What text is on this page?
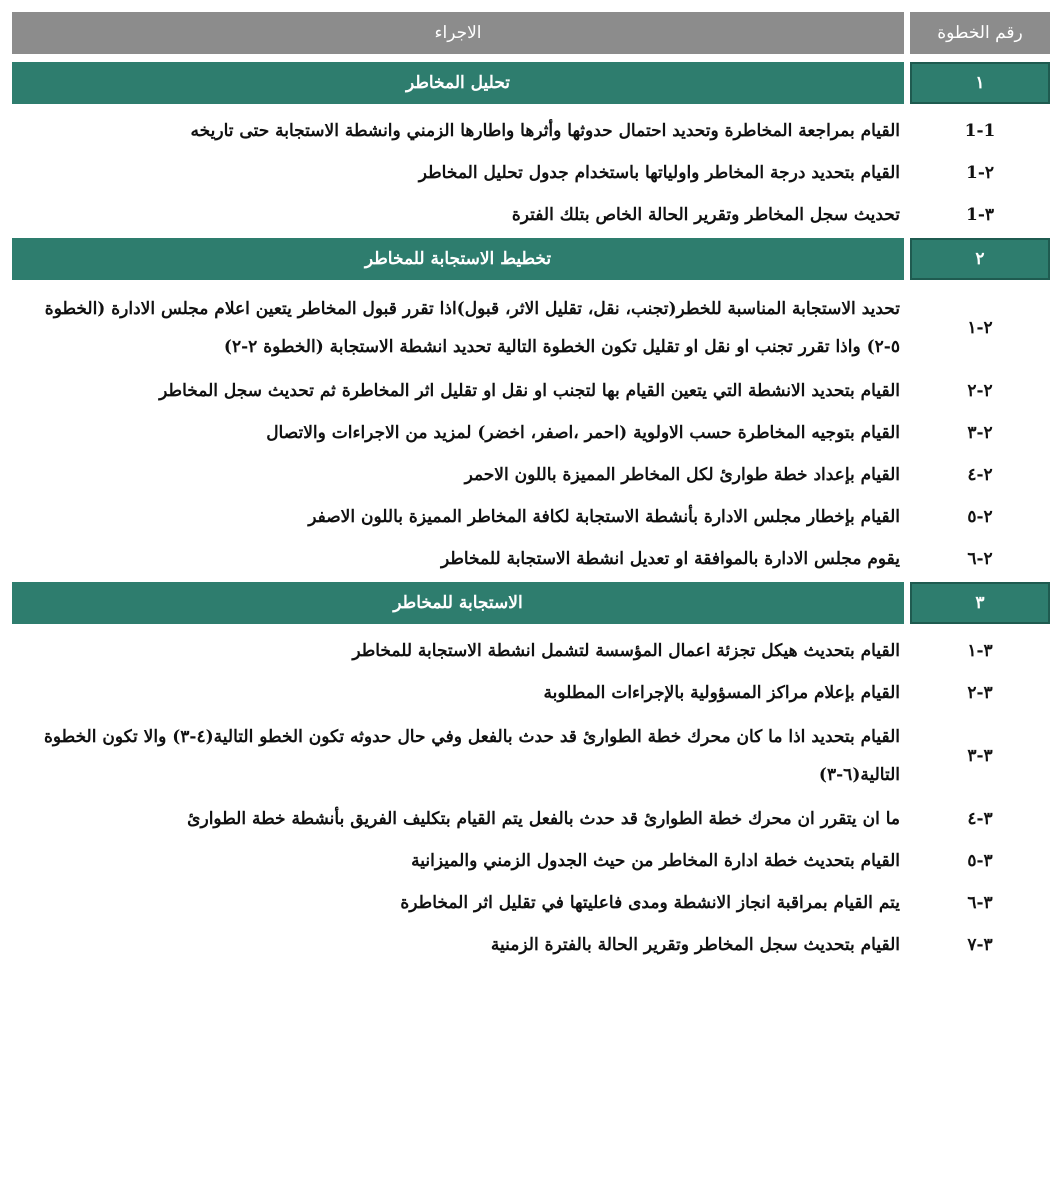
رقم الخطوة
الاجراء
١
تحليل المخاطر
1-1
القيام بمراجعة المخاطرة وتحديد احتمال حدوثها وأثرها واطارها الزمني وانشطة الاستجابة حتى تاريخه
1-٢
القيام بتحديد درجة المخاطر واولياتها باستخدام جدول تحليل المخاطر
1-٣
تحديث سجل المخاطر وتقرير الحالة الخاص بتلك الفترة
٢
تخطيط الاستجابة للمخاطر
٢-١
تحديد الاستجابة المناسبة للخطر(تجنب، نقل، تقليل الاثر، قبول)اذا تقرر قبول المخاطر يتعين اعلام مجلس الادارة (الخطوة ٥-٢) واذا تقرر تجنب او نقل او تقليل تكون الخطوة التالية تحديد انشطة الاستجابة (الخطوة ٢-٢)
٢-٢
القيام بتحديد الانشطة التي يتعين القيام بها لتجنب او نقل او تقليل اثر المخاطرة ثم تحديث سجل المخاطر
٢-٣
القيام بتوجيه المخاطرة حسب الاولوية (احمر ،اصفر، اخضر) لمزيد من الاجراءات والاتصال
٢-٤
القيام بإعداد خطة طوارئ لكل المخاطر المميزة باللون الاحمر
٢-٥
القيام بإخطار مجلس الادارة بأنشطة الاستجابة لكافة المخاطر المميزة باللون الاصفر
٢-٦
يقوم مجلس الادارة بالموافقة او تعديل انشطة الاستجابة للمخاطر
٣
الاستجابة للمخاطر
٣-١
القيام بتحديث هيكل تجزئة اعمال المؤسسة لتشمل انشطة الاستجابة للمخاطر
٣-٢
القيام بإعلام مراكز المسؤولية بالإجراءات المطلوبة
٣-٣
القيام بتحديد اذا ما كان محرك خطة الطوارئ قد حدث بالفعل وفي حال حدوثه تكون الخطو التالية(٤-٣) والا تكون الخطوة التالية(٦-٣)
٣-٤
ما ان يتقرر ان محرك خطة الطوارئ قد حدث بالفعل يتم القيام بتكليف الفريق بأنشطة خطة الطوارئ
٣-٥
القيام بتحديث خطة ادارة المخاطر من حيث الجدول الزمني والميزانية
٣-٦
يتم القيام بمراقبة انجاز الانشطة ومدى فاعليتها في تقليل اثر المخاطرة
٣-٧
القيام بتحديث سجل المخاطر وتقرير الحالة بالفترة الزمنية
